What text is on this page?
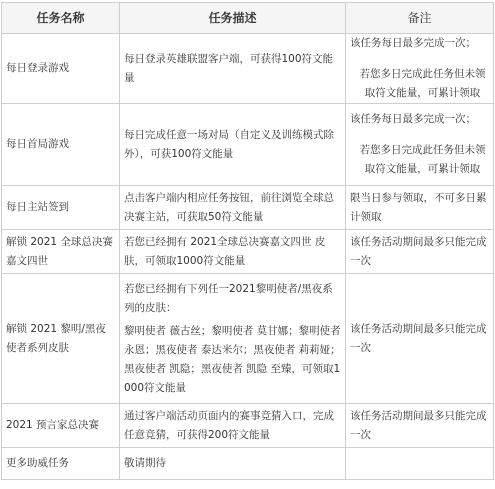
任务名称	任务描述	备注
每日登录游戏	每日登录英雄联盟客户端，可获得100符文能量	该任务每日最多完成一次；
若您多日完成此任务但未领取符文能量，可累计领取

每日首局游戏	每日完成任意一场对局（自定义及训练模式除外），可获100符文能量	该任务每日最多完成一次；
若您多日完成此任务但未领取符文能量，可累计领取

每日主站签到	点击客户端内相应任务按钮，前往浏览全球总决赛主站，可获取50符文能量	限当日参与领取，不可多日累计领取

解锁 2021 全球总决赛嘉文四世	若您已经拥有 2021全球总决赛嘉文四世 皮肤，可领取1000符文能量	该任务活动期间最多只能完成一次

解锁 2021 黎明/黑夜使者系列皮肤	若您已经拥有下列任一2021黎明使者/黑夜系列的皮肤：
黎明使者 薇古丝；黎明使者 莫甘娜；黎明使者 永恩；黑夜使者 泰达米尔；黑夜使者 莉莉娅；黑夜使者 凯隐；黑夜使者 凯隐 至臻，可领取1000符文能量	该任务活动期间最多只能完成一次

2021 预言家总决赛	通过客户端活动页面内的赛事竞猜入口，完成任意竞猜，可获得200符文能量	该任务活动期间最多只能完成一次

更多助威任务	敬请期待	
